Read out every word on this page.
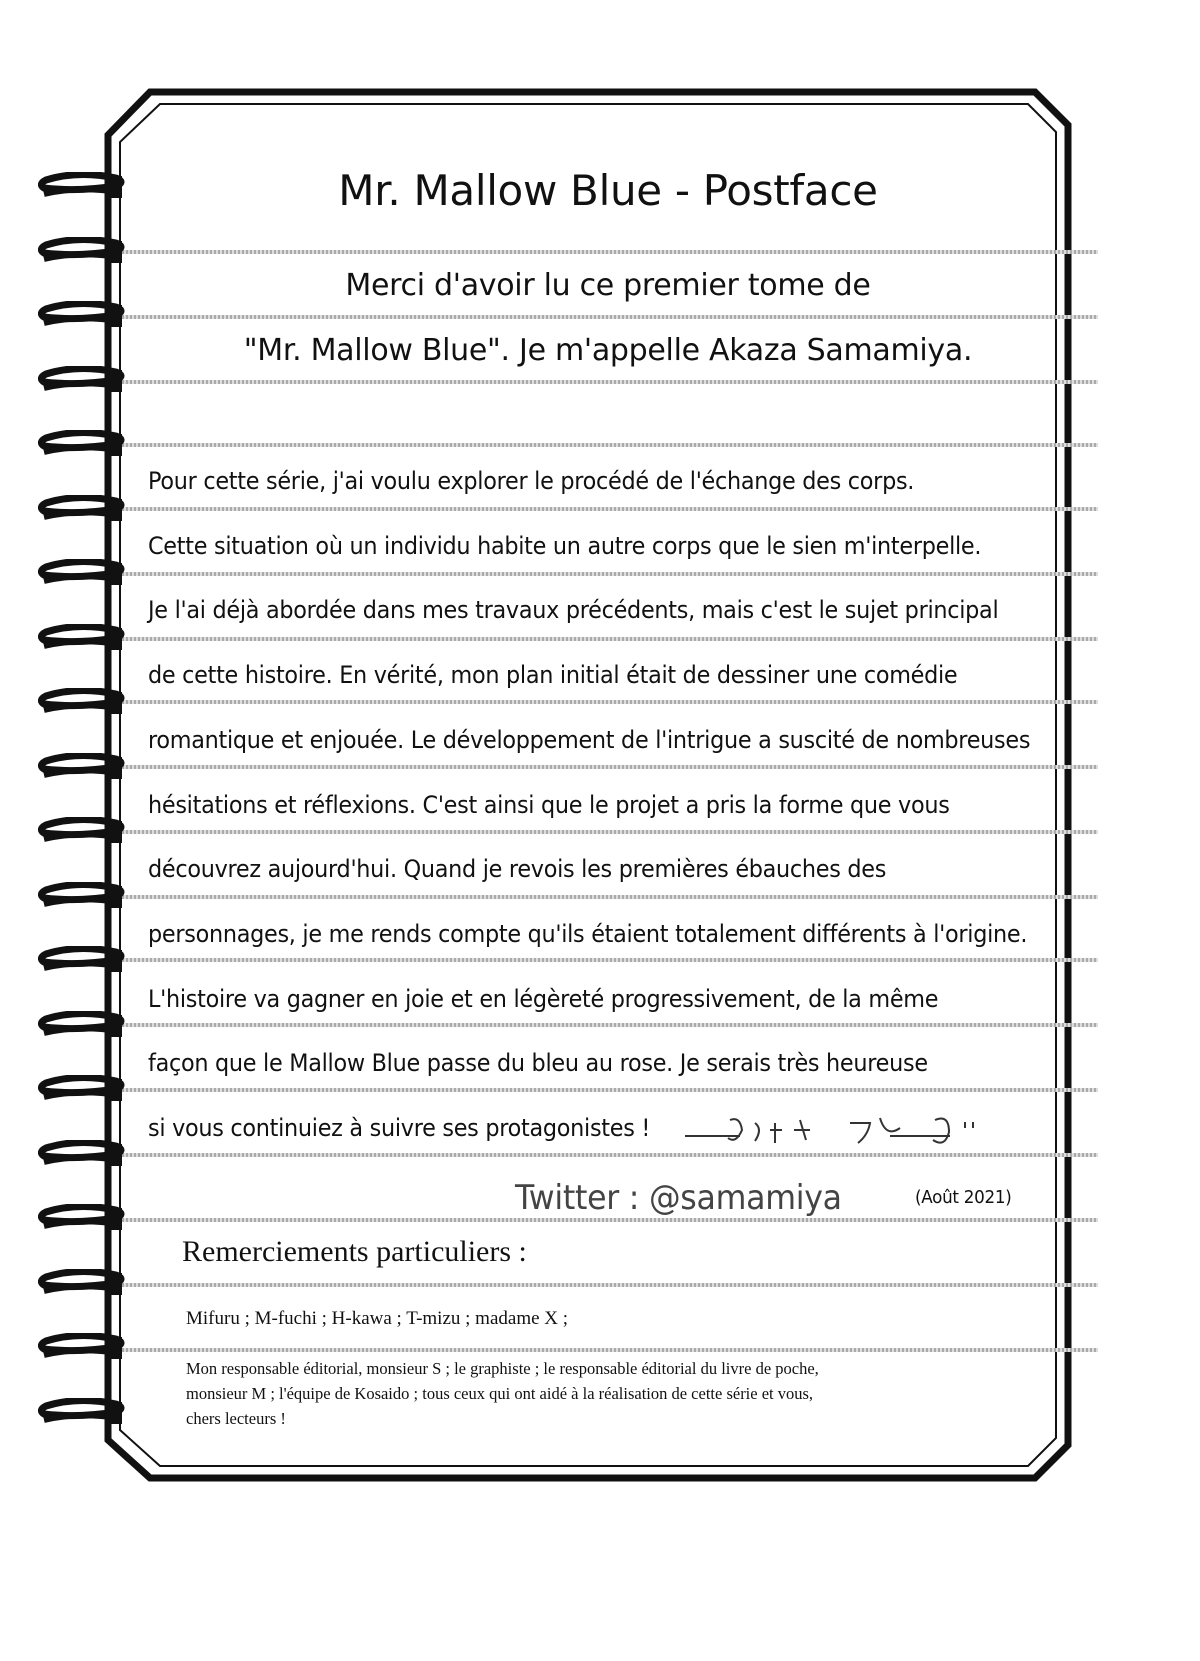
Mr. Mallow Blue - Postface
Merci d'avoir lu ce premier tome de
"Mr. Mallow Blue". Je m'appelle Akaza Samamiya.
Pour cette série, j'ai voulu explorer le procédé de l'échange des corps.
Cette situation où un individu habite un autre corps que le sien m'interpelle.
Je l'ai déjà abordée dans mes travaux précédents, mais c'est le sujet principal
de cette histoire. En vérité, mon plan initial était de dessiner une comédie
romantique et enjouée. Le développement de l'intrigue a suscité de nombreuses
hésitations et réflexions. C'est ainsi que le projet a pris la forme que vous
découvrez aujourd'hui. Quand je revois les premières ébauches des
personnages, je me rends compte qu'ils étaient totalement différents à l'origine.
L'histoire va gagner en joie et en légèreté progressivement, de la même
façon que le Mallow Blue passe du bleu au rose. Je serais très heureuse
si vous continuiez à suivre ses protagonistes !
Twitter : @samamiya	(Août 2021)
Remerciements particuliers :
Mifuru ; M-fuchi ; H-kawa ; T-mizu ; madame X ;
Mon responsable éditorial, monsieur S ; le graphiste ; le responsable éditorial du livre de poche,
monsieur M ; l'équipe de Kosaido ; tous ceux qui ont aidé à la réalisation de cette série et vous,
chers lecteurs !
